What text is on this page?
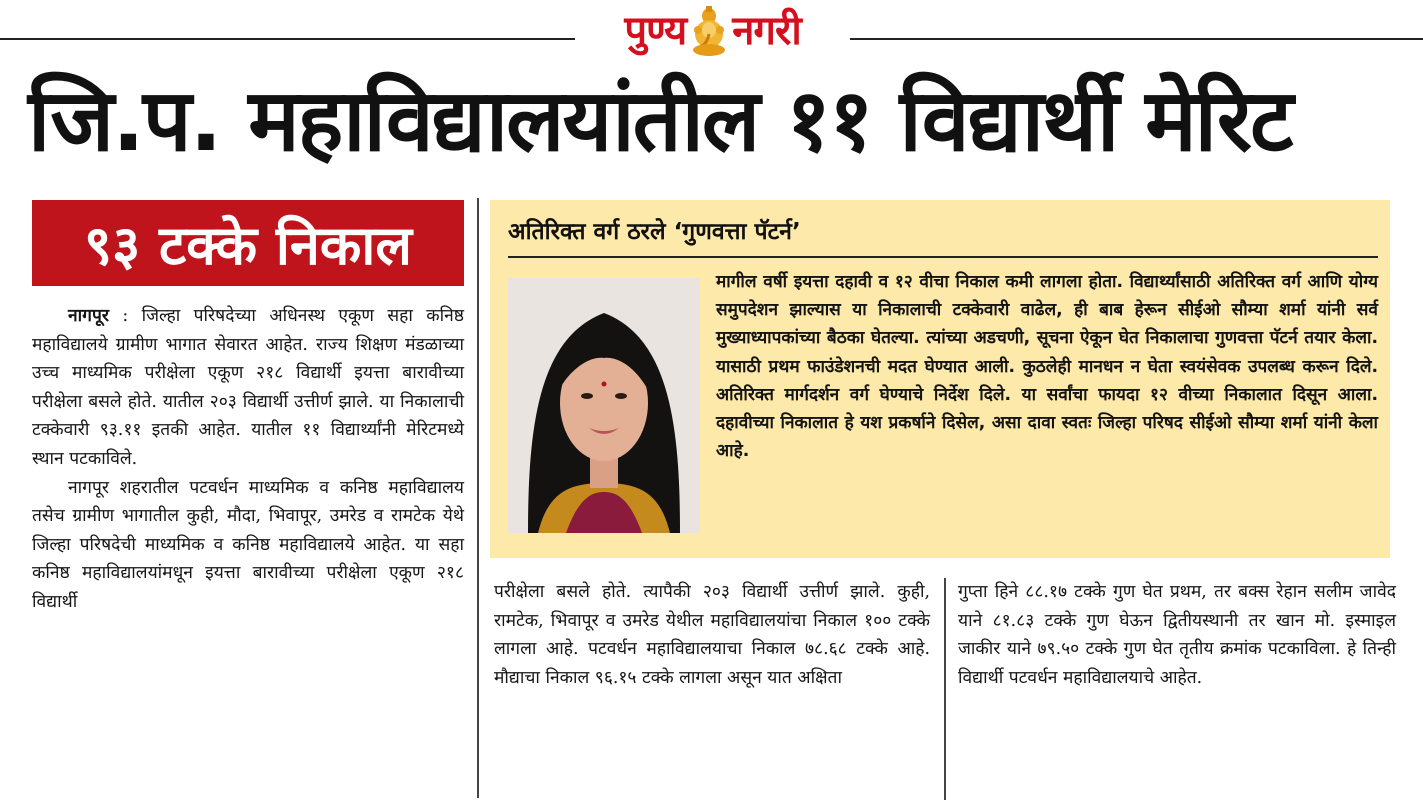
पुण्य नगरी
जि.प. महाविद्यालयांतील ११ विद्यार्थी मेरिट
९३ टक्के निकाल

नागपूर : जिल्हा परिषदेच्या अधिनस्थ एकूण सहा कनिष्ठ महाविद्यालये ग्रामीण भागात सेवारत आहेत. राज्य शिक्षण मंडळाच्या उच्च माध्यमिक परीक्षेला एकूण २१८ विद्यार्थी इयत्ता बारावीच्या परीक्षेला बसले होते. यातील २०३ विद्यार्थी उत्तीर्ण झाले. या निकालाची टक्केवारी ९३.११ इतकी आहेत. यातील ११ विद्यार्थ्यांनी मेरिटमध्ये स्थान पटकाविले.

नागपूर शहरातील पटवर्धन माध्यमिक व कनिष्ठ महाविद्यालय तसेच ग्रामीण भागातील कुही, मौदा, भिवापूर, उमरेड व रामटेक येथे जिल्हा परिषदेची माध्यमिक व कनिष्ठ महाविद्यालये आहेत. या सहा कनिष्ठ महाविद्यालयांमधून इयत्ता बारावीच्या परीक्षेला एकूण २१८ विद्यार्थी	परीक्षेला बसले होते. त्यापैकी २०३ विद्यार्थी उत्तीर्ण झाले. कुही, रामटेक, भिवापूर व उमरेड येथील महाविद्यालयांचा निकाल १०० टक्के लागला आहे. पटवर्धन महाविद्यालयाचा निकाल ७८.६८ टक्के आहे. मौद्याचा निकाल ९६.१५ टक्के लागला असून यात अक्षिता

गुप्ता हिने ८८.१७ टक्के गुण घेत प्रथम, तर बक्स रेहान सलीम जावेद याने ८१.८३ टक्के गुण घेऊन द्वितीयस्थानी तर खान मो. इस्माइल जाकीर याने ७९.५० टक्के गुण घेत तृतीय क्रमांक पटकाविला. हे तिन्ही विद्यार्थी पटवर्धन महाविद्यालयाचे आहेत.

अतिरिक्त वर्ग ठरले ‘गुणवत्ता पॅटर्न’
मागील वर्षी इयत्ता दहावी व १२ वीचा निकाल कमी लागला होता. विद्यार्थ्यांसाठी अतिरिक्त वर्ग आणि योग्य समुपदेशन झाल्यास या निकालाची टक्केवारी वाढेल, ही बाब हेरून सीईओ सौम्या शर्मा यांनी सर्व मुख्याध्यापकांच्या बैठका घेतल्या. त्यांच्या अडचणी, सूचना ऐकून घेत निकालाचा गुणवत्ता पॅटर्न तयार केला. यासाठी प्रथम फाउंडेशनची मदत घेण्यात आली. कुठलेही मानधन न घेता स्वयंसेवक उपलब्ध करून दिले. अतिरिक्त मार्गदर्शन वर्ग घेण्याचे निर्देश दिले. या सर्वांचा फायदा १२ वीच्या निकालात दिसून आला. दहावीच्या निकालात हे यश प्रकर्षाने दिसेल, असा दावा स्वतः जिल्हा परिषद सीईओ सौम्या शर्मा यांनी केला आहे.
